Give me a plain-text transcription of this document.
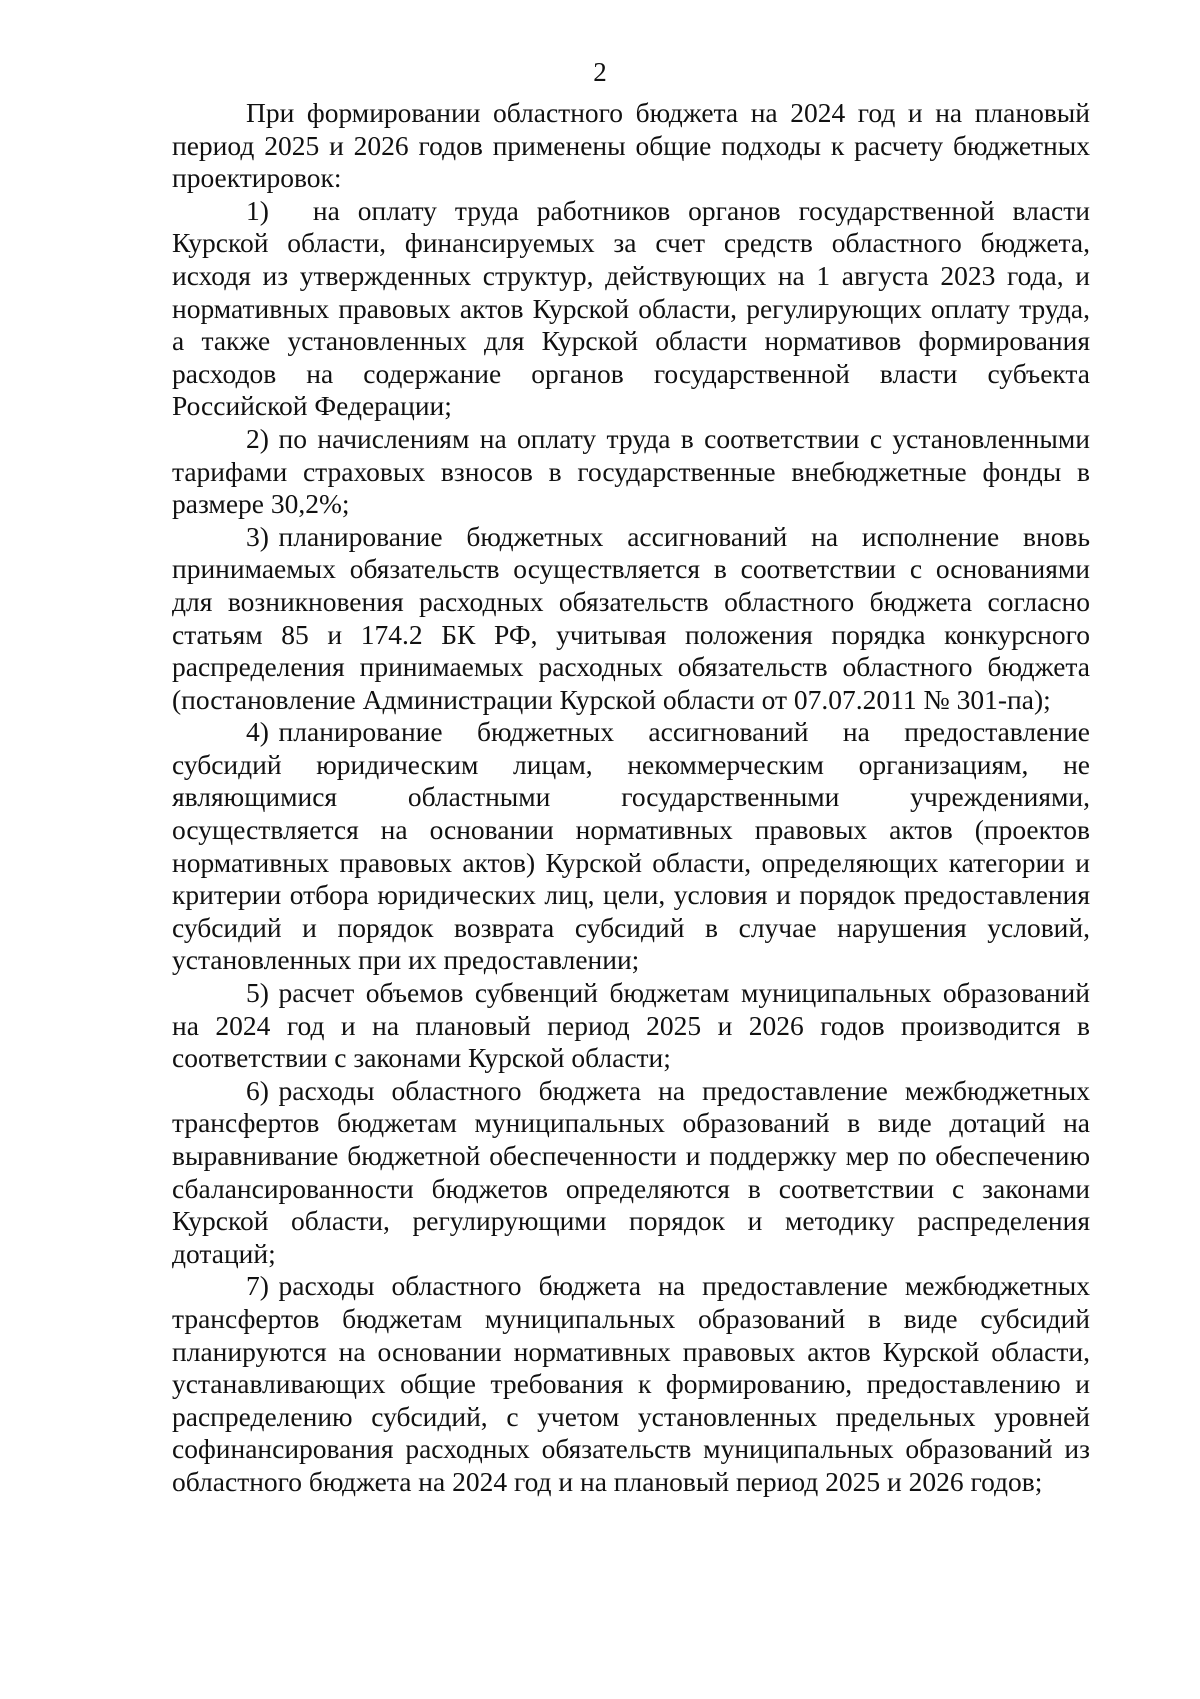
2

При формировании областного бюджета на 2024 год и на плановый период 2025 и 2026 годов применены общие подходы к расчету бюджетных проектировок:

1) на оплату труда работников органов государственной власти Курской области, финансируемых за счет средств областного бюджета, исходя из утвержденных структур, действующих на 1 августа 2023 года, и нормативных правовых актов Курской области, регулирующих оплату труда, а также установленных для Курской области нормативов формирования расходов на содержание органов государственной власти субъекта Российской Федерации;

2) по начислениям на оплату труда в соответствии с установленными тарифами страховых взносов в государственные внебюджетные фонды в размере 30,2%;

3) планирование бюджетных ассигнований на исполнение вновь принимаемых обязательств осуществляется в соответствии с основаниями для возникновения расходных обязательств областного бюджета согласно статьям 85 и 174.2 БК РФ, учитывая положения порядка конкурсного распределения принимаемых расходных обязательств областного бюджета (постановление Администрации Курской области от 07.07.2011 № 301-па);

4) планирование бюджетных ассигнований на предоставление субсидий юридическим лицам, некоммерческим организациям, не являющимися областными государственными учреждениями, осуществляется на основании нормативных правовых актов (проектов нормативных правовых актов) Курской области, определяющих категории и критерии отбора юридических лиц, цели, условия и порядок предоставления субсидий и порядок возврата субсидий в случае нарушения условий, установленных при их предоставлении;

5) расчет объемов субвенций бюджетам муниципальных образований на 2024 год и на плановый период 2025 и 2026 годов производится в соответствии с законами Курской области;

6) расходы областного бюджета на предоставление межбюджетных трансфертов бюджетам муниципальных образований в виде дотаций на выравнивание бюджетной обеспеченности и поддержку мер по обеспечению сбалансированности бюджетов определяются в соответствии с законами Курской области, регулирующими порядок и методику распределения дотаций;

7) расходы областного бюджета на предоставление межбюджетных трансфертов бюджетам муниципальных образований в виде субсидий планируются на основании нормативных правовых актов Курской области, устанавливающих общие требования к формированию, предоставлению и распределению субсидий, с учетом установленных предельных уровней софинансирования расходных обязательств муниципальных образований из областного бюджета на 2024 год и на плановый период 2025 и 2026 годов;
